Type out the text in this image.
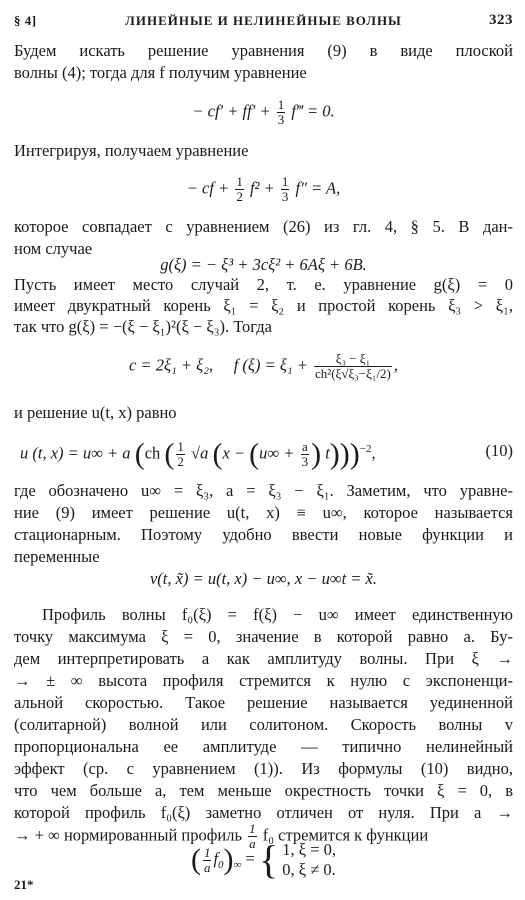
§ 4]	ЛИНЕЙНЫЕ И НЕЛИНЕЙНЫЕ ВОЛНЫ	323
Будем искать решение уравнения (9) в виде плоской
волны (4); тогда для f получим уравнение
− $cf' + ff' + \frac{1}{3}$ f‴ = 0.
Интегрируя, получаем уравнение
− cf + $\frac{1}{2} f^2 + \frac{1}{3} f'' = A$,
которое совпадает с уравнением (26) из гл. 4, § 5. В дан-
ном случае
g(ξ) = − ξ³ + 3cξ² + 6Aξ + 6B.
Пусть имеет место случай 2, т. е. уравнение g(ξ) = 0
имеет двукратный корень ξ₁ = ξ₂ и простой корень ξ₃ > ξ₁,
так что g(ξ) = −(ξ − ξ₁)²(ξ − ξ₃). Тогда
c = 2ξ₁ + ξ₂, f $(\xi) = \xi_1 + \frac{\text{ξ₃ − ξ₁}}{\text{ch²(ξ√ξ₃−ξ₁/2)}}$ ,
и решение u(t, x) равно
u (t, x) = u∞ + a (ch ( $\frac{1}{2} √a$ ($x - (u\infty + \frac{a}{3}$ ) t)))$^{-2}$,	(10)
где обозначено u∞ = ξ₃, a = ξ₃ − ξ₁. Заметим, что уравне-
ние (9) имеет решение u(t, x) ≡ u∞, которое называется
стационарным. Поэтому удобно ввести новые функции и
переменные
v(t, x̃) = u(t, x) − u∞, x − u∞t = x̃.
Профиль волны f₀(ξ) = f(ξ) − u∞ имеет единственную
точку максимума ξ = 0, значение в которой равно a. Бу-
дем интерпретировать a как амплитуду волны. При ξ →
→ ± ∞ высота профиля стремится к нулю с экспоненци-
альной скоростью. Такое решение называется уединенной
(солитарной) волной или солитоном. Скорость волны v
пропорциональна ее амплитуде — типично нелинейный
эффект (ср. с уравнением (1)). Из формулы (10) видно,
что чем больше a, тем меньше окрестность точки ξ = 0, в
которой профиль f₀(ξ) заметно отличен от нуля. При a →
→ + ∞ нормированный профиль $\frac{1}{a} f_0$ стремится к функции
( $\frac{1}{a} f_0)_\infty$ = { 1, ξ = 0,
0, ξ ≠ 0.
21*
